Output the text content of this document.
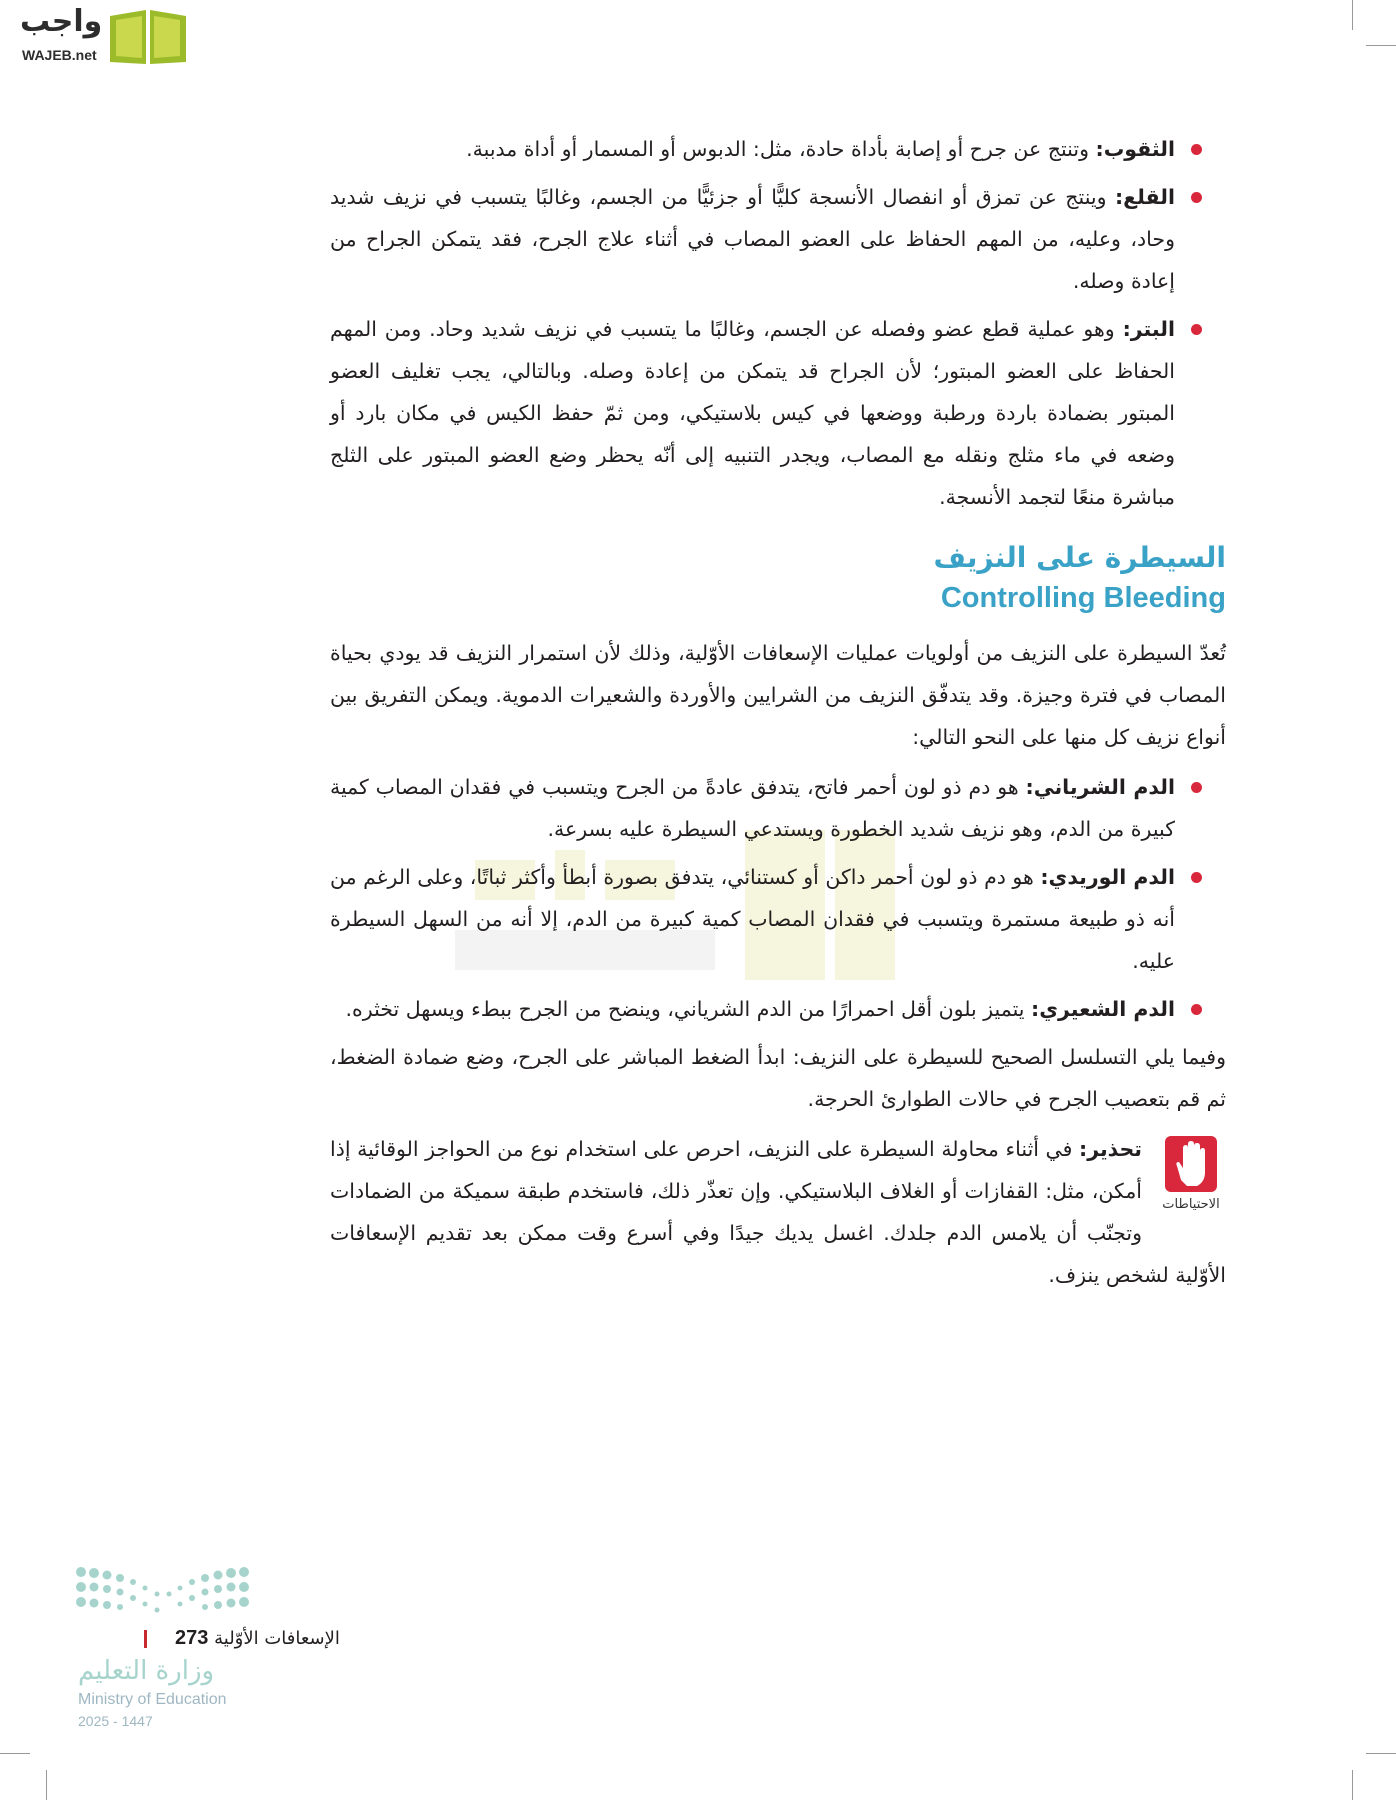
واجب
WAJEB.net
الثقوب: وتنتج عن جرح أو إصابة بأداة حادة، مثل: الدبوس أو المسمار أو أداة مدببة.
القلع: وينتج عن تمزق أو انفصال الأنسجة كليًّا أو جزئيًّا من الجسم، وغالبًا يتسبب في نزيف شديد وحاد، وعليه، من المهم الحفاظ على العضو المصاب في أثناء علاج الجرح، فقد يتمكن الجراح من إعادة وصله.
البتر: وهو عملية قطع عضو وفصله عن الجسم، وغالبًا ما يتسبب في نزيف شديد وحاد. ومن المهم الحفاظ على العضو المبتور؛ لأن الجراح قد يتمكن من إعادة وصله. وبالتالي، يجب تغليف العضو المبتور بضمادة باردة ورطبة ووضعها في كيس بلاستيكي، ومن ثمّ حفظ الكيس في مكان بارد أو وضعه في ماء مثلج ونقله مع المصاب، ويجدر التنبيه إلى أنّه يحظر وضع العضو المبتور على الثلج مباشرة منعًا لتجمد الأنسجة.
السيطرة على النزيف
Controlling Bleeding
تُعدّ السيطرة على النزيف من أولويات عمليات الإسعافات الأوّلية، وذلك لأن استمرار النزيف قد يودي بحياة المصاب في فترة وجيزة. وقد يتدفّق النزيف من الشرايين والأوردة والشعيرات الدموية. ويمكن التفريق بين أنواع نزيف كل منها على النحو التالي:
الدم الشرياني: هو دم ذو لون أحمر فاتح، يتدفق عادةً من الجرح ويتسبب في فقدان المصاب كمية كبيرة من الدم، وهو نزيف شديد الخطورة ويستدعي السيطرة عليه بسرعة.
الدم الوريدي: هو دم ذو لون أحمر داكن أو كستنائي، يتدفق بصورة أبطأ وأكثر ثباتًا، وعلى الرغم من أنه ذو طبيعة مستمرة ويتسبب في فقدان المصاب كمية كبيرة من الدم، إلا أنه من السهل السيطرة عليه.
الدم الشعيري: يتميز بلون أقل احمرارًا من الدم الشرياني، وينضح من الجرح ببطء ويسهل تخثره.
وفيما يلي التسلسل الصحيح للسيطرة على النزيف: ابدأ الضغط المباشر على الجرح، وضع ضمادة الضغط، ثم قم بتعصيب الجرح في حالات الطوارئ الحرجة.
الاحتياطات
تحذير: في أثناء محاولة السيطرة على النزيف، احرص على استخدام نوع من الحواجز الوقائية إذا أمكن، مثل: القفازات أو الغلاف البلاستيكي. وإن تعذّر ذلك، فاستخدم طبقة سميكة من الضمادات وتجنّب أن يلامس الدم جلدك. اغسل يديك جيدًا وفي أسرع وقت ممكن بعد تقديم الإسعافات الأوّلية لشخص ينزف.
الإسعافات الأوّلية 273
وزارة التعليم
Ministry of Education
2025 - 1447
